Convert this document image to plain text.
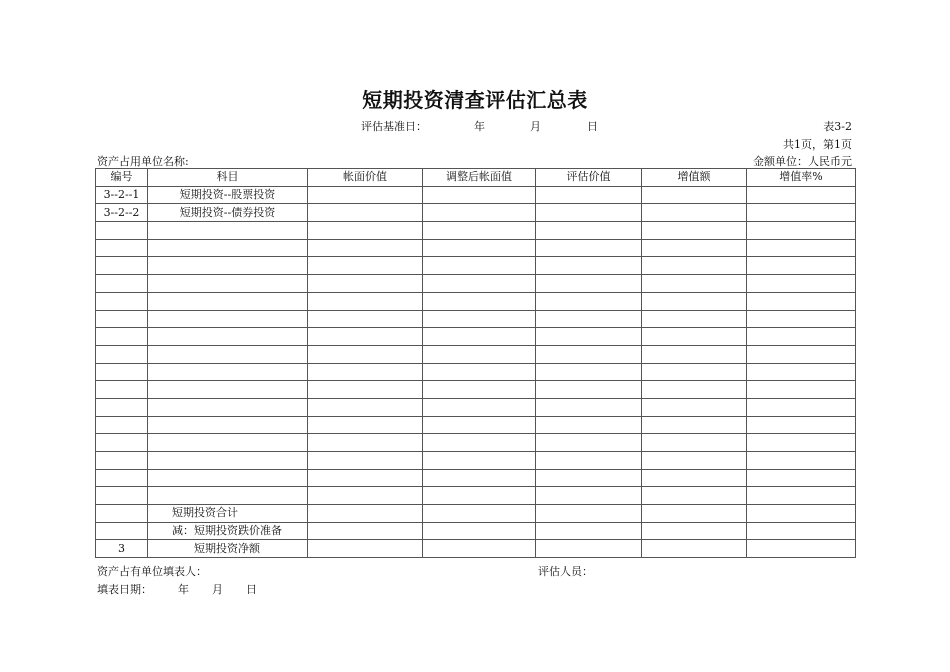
短期投资清查评估汇总表
评估基准日：	年	月	日	表3-2
共1页，第1页
资产占用单位名称:	金额单位：人民币元
编号	科目	帐面价值	调整后帐面值	评估价值	增值额	增值率%
3--2--1	短期投资--股票投资					
3--2--2	短期投资--债券投资					

	短期投资合计					
	减：短期投资跌价准备					
3	短期投资净额					
资产占有单位填表人：	评估人员：
填表日期： 年 月 日
